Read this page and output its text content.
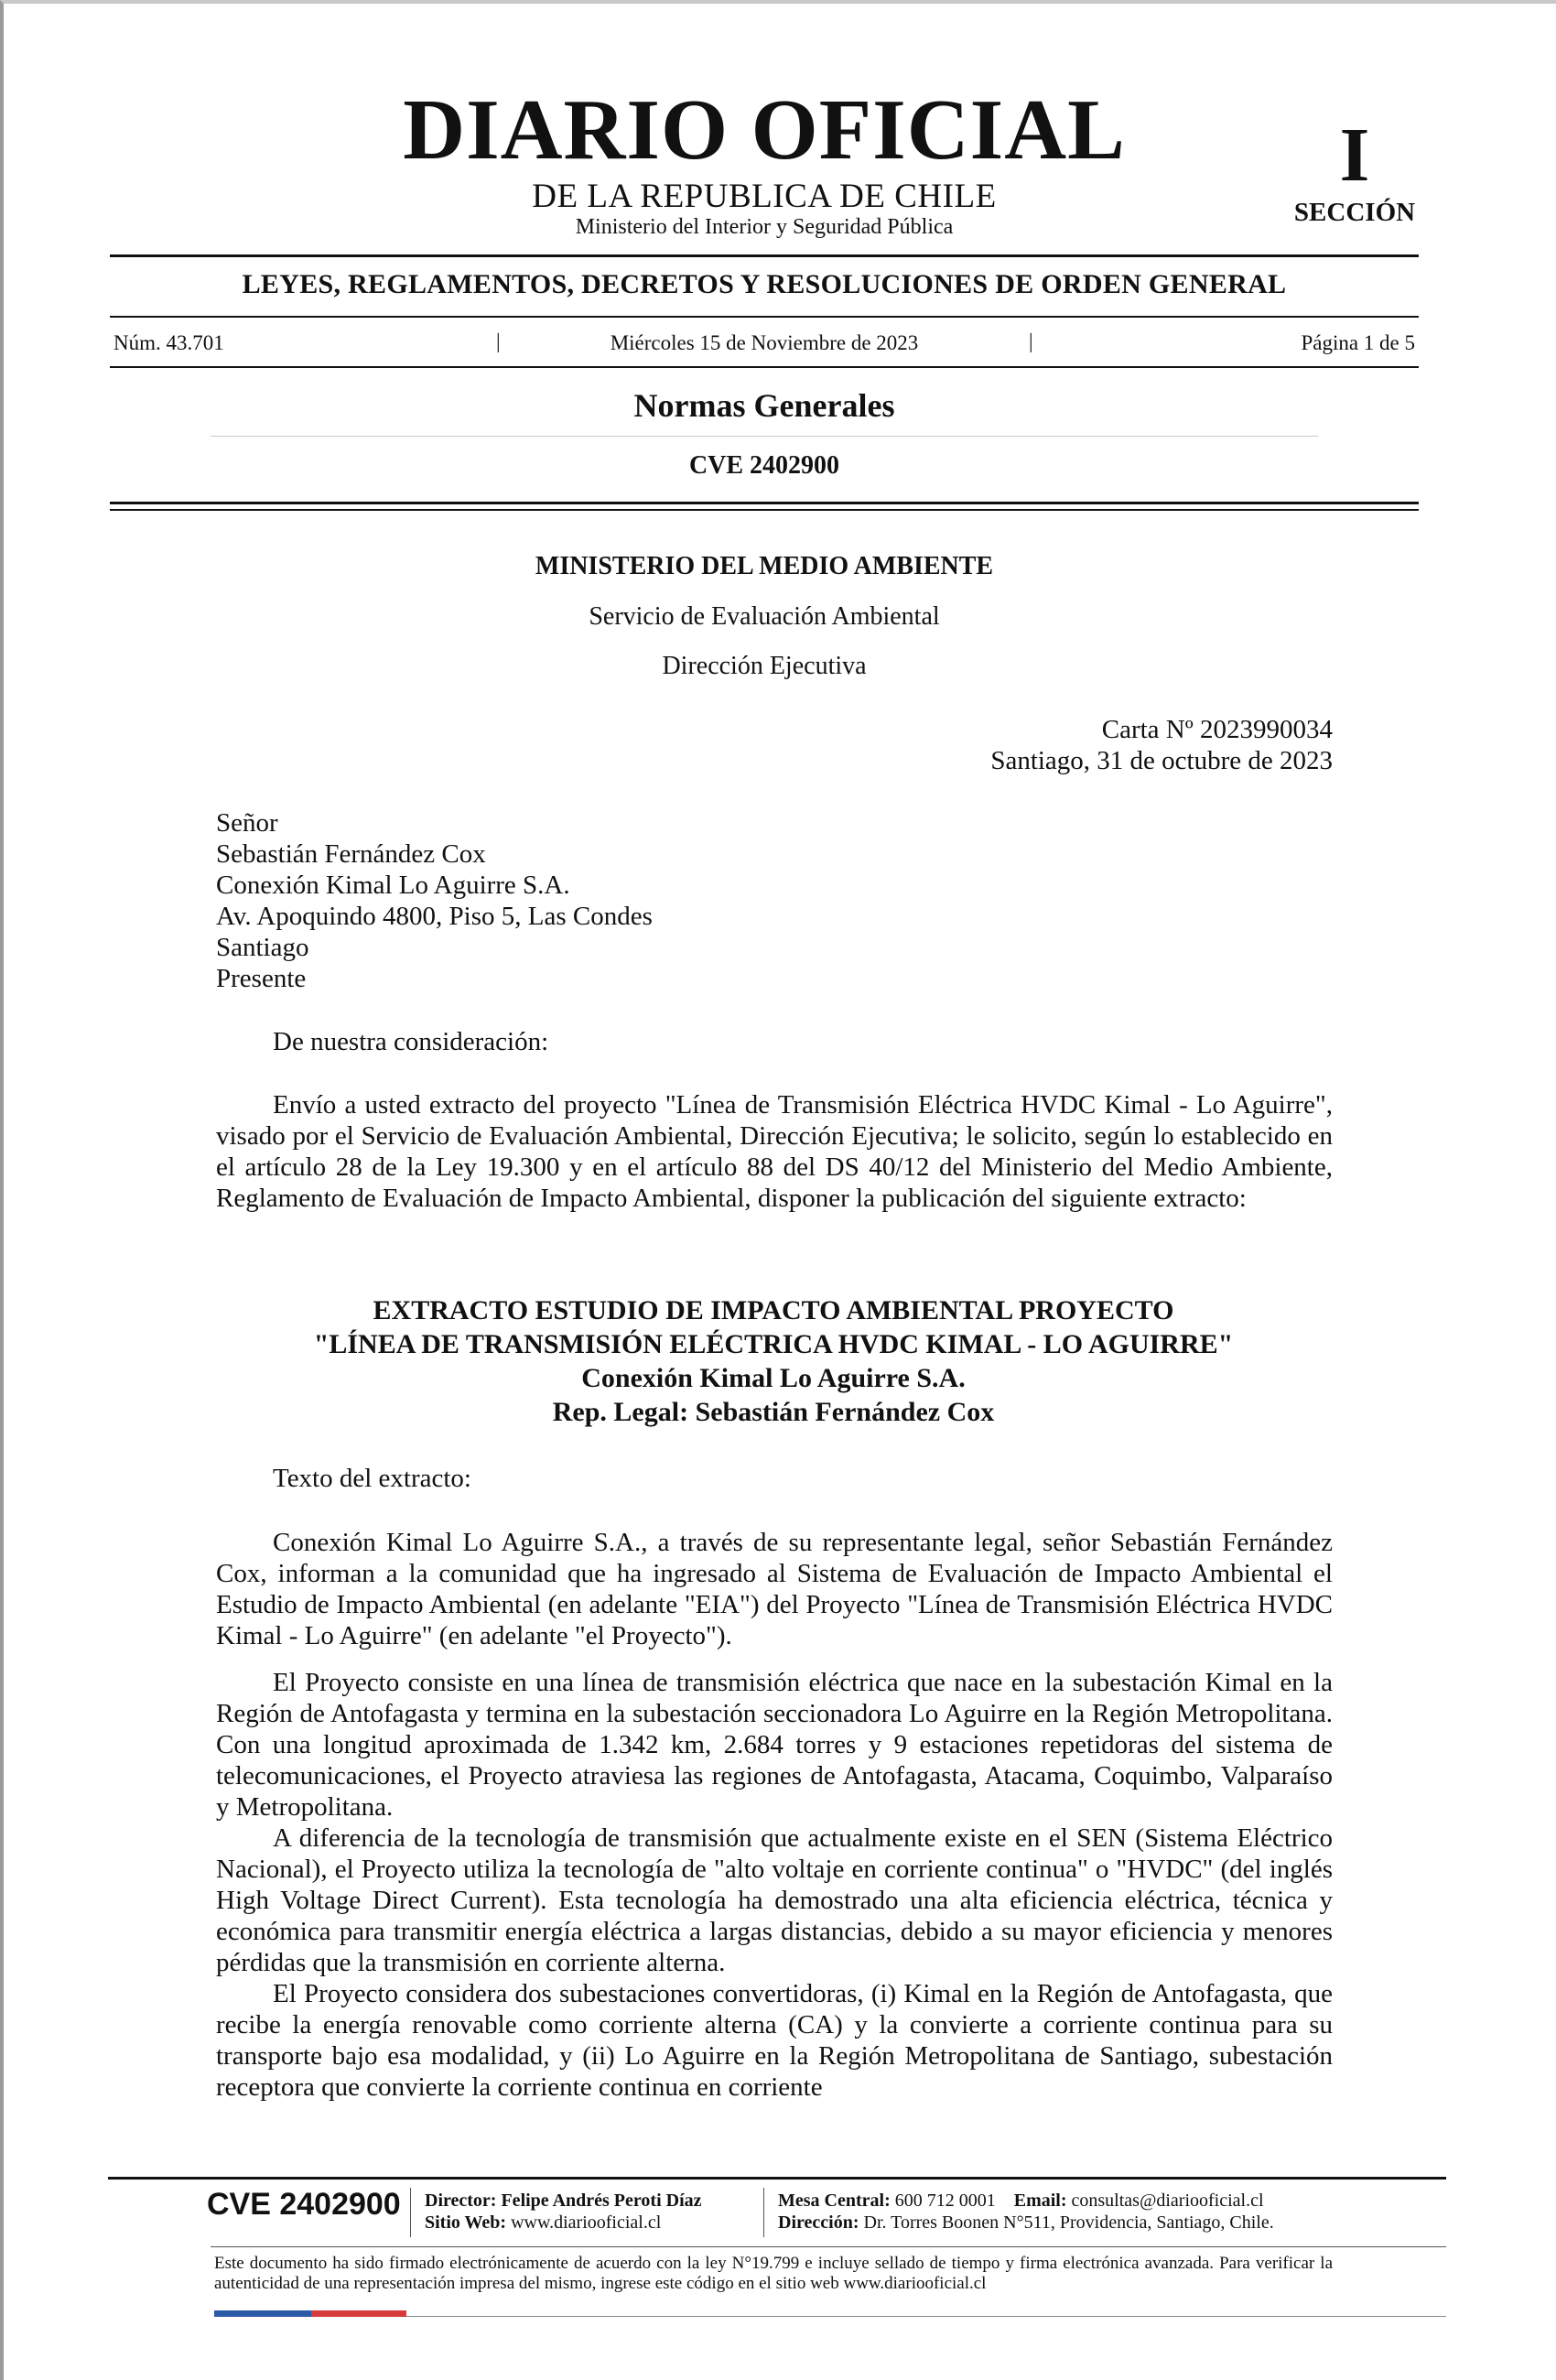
DIARIO OFICIAL
DE LA REPUBLICA DE CHILE
Ministerio del Interior y Seguridad Pública
I
SECCIÓN
LEYES, REGLAMENTOS, DECRETOS Y RESOLUCIONES DE ORDEN GENERAL
Núm. 43.701	|	Miércoles 15 de Noviembre de 2023	|	Página 1 de 5
Normas Generales
CVE 2402900
MINISTERIO DEL MEDIO AMBIENTE
Servicio de Evaluación Ambiental
Dirección Ejecutiva
Carta Nº 2023990034
Santiago, 31 de octubre de 2023
Señor
Sebastián Fernández Cox
Conexión Kimal Lo Aguirre S.A.
Av. Apoquindo 4800, Piso 5, Las Condes
Santiago
Presente
De nuestra consideración:
Envío a usted extracto del proyecto "Línea de Transmisión Eléctrica HVDC Kimal - Lo Aguirre", visado por el Servicio de Evaluación Ambiental, Dirección Ejecutiva; le solicito, según lo establecido en el artículo 28 de la Ley 19.300 y en el artículo 88 del DS 40/12 del Ministerio del Medio Ambiente, Reglamento de Evaluación de Impacto Ambiental, disponer la publicación del siguiente extracto:
EXTRACTO ESTUDIO DE IMPACTO AMBIENTAL PROYECTO
"LÍNEA DE TRANSMISIÓN ELÉCTRICA HVDC KIMAL - LO AGUIRRE"
Conexión Kimal Lo Aguirre S.A.
Rep. Legal: Sebastián Fernández Cox
Texto del extracto:
Conexión Kimal Lo Aguirre S.A., a través de su representante legal, señor Sebastián Fernández Cox, informan a la comunidad que ha ingresado al Sistema de Evaluación de Impacto Ambiental el Estudio de Impacto Ambiental (en adelante "EIA") del Proyecto "Línea de Transmisión Eléctrica HVDC Kimal - Lo Aguirre" (en adelante "el Proyecto").
El Proyecto consiste en una línea de transmisión eléctrica que nace en la subestación Kimal en la Región de Antofagasta y termina en la subestación seccionadora Lo Aguirre en la Región Metropolitana. Con una longitud aproximada de 1.342 km, 2.684 torres y 9 estaciones repetidoras del sistema de telecomunicaciones, el Proyecto atraviesa las regiones de Antofagasta, Atacama, Coquimbo, Valparaíso y Metropolitana.
A diferencia de la tecnología de transmisión que actualmente existe en el SEN (Sistema Eléctrico Nacional), el Proyecto utiliza la tecnología de "alto voltaje en corriente continua" o "HVDC" (del inglés High Voltage Direct Current). Esta tecnología ha demostrado una alta eficiencia eléctrica, técnica y económica para transmitir energía eléctrica a largas distancias, debido a su mayor eficiencia y menores pérdidas que la transmisión en corriente alterna.
El Proyecto considera dos subestaciones convertidoras, (i) Kimal en la Región de Antofagasta, que recibe la energía renovable como corriente alterna (CA) y la convierte a corriente continua para su transporte bajo esa modalidad, y (ii) Lo Aguirre en la Región Metropolitana de Santiago, subestación receptora que convierte la corriente continua en corriente
CVE 2402900 Director: Felipe Andrés Peroti Díaz
Sitio Web: www.diariooficial.cl
Mesa Central: 600 712 0001 Email: consultas@diariooficial.cl
Dirección: Dr. Torres Boonen N°511, Providencia, Santiago, Chile.
Este documento ha sido firmado electrónicamente de acuerdo con la ley N°19.799 e incluye sellado de tiempo y firma electrónica avanzada. Para verificar la autenticidad de una representación impresa del mismo, ingrese este código en el sitio web www.diariooficial.cl
